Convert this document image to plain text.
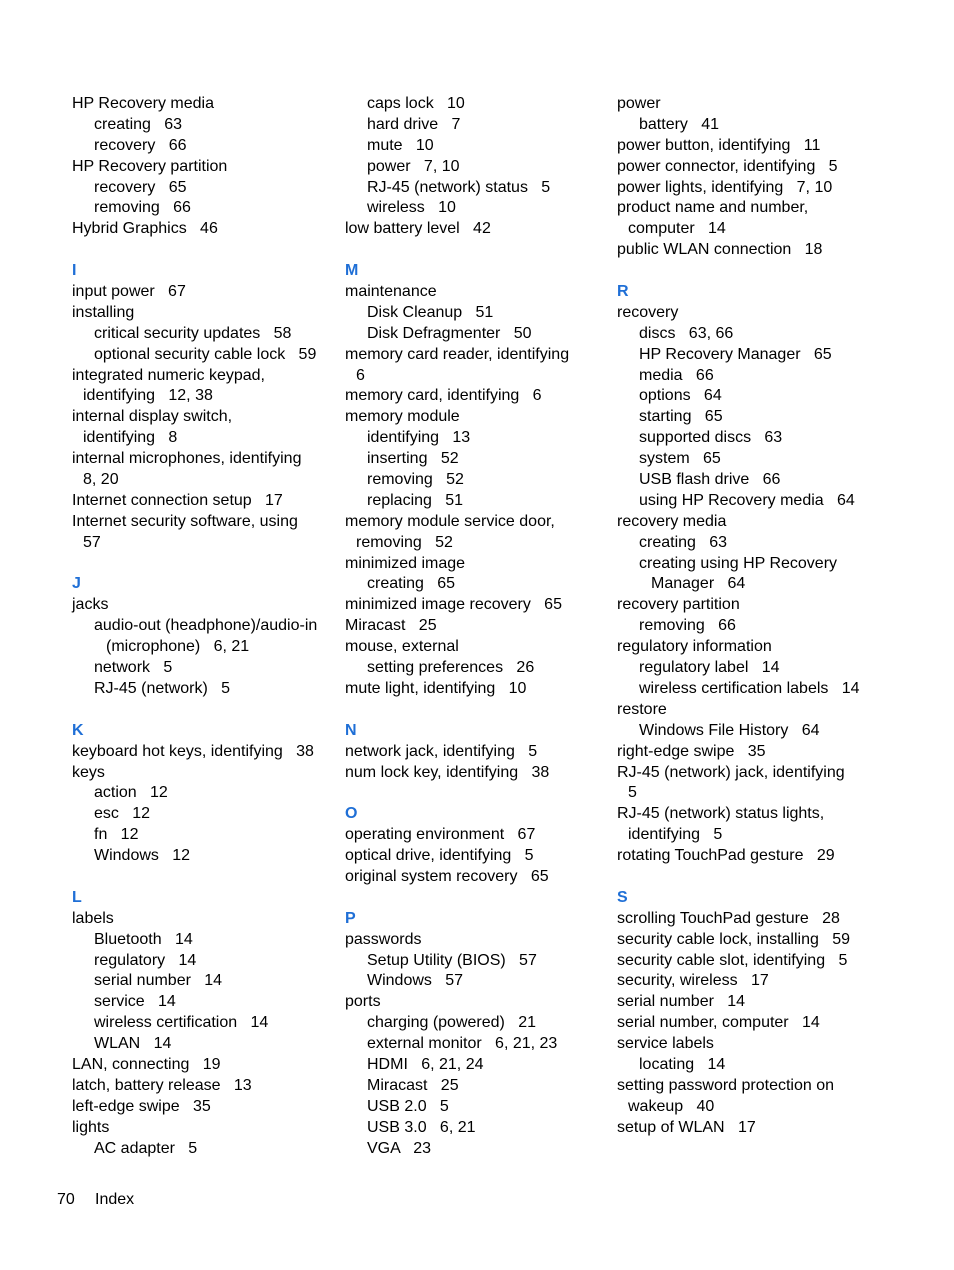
HP Recovery media
creating   63
recovery   66
HP Recovery partition
recovery   65
removing   66
Hybrid Graphics   46
I
input power   67
installing
critical security updates   58
optional security cable lock   59
integrated numeric keypad,
identifying   12, 38
internal display switch,
identifying   8
internal microphones, identifying
8, 20
Internet connection setup   17
Internet security software, using
57
J
jacks
audio-out (headphone)/audio-in
(microphone)   6, 21
network   5
RJ-45 (network)   5
K
keyboard hot keys, identifying   38
keys
action   12
esc   12
fn   12
Windows   12
L
labels
Bluetooth   14
regulatory   14
serial number   14
service   14
wireless certification   14
WLAN   14
LAN, connecting   19
latch, battery release   13
left-edge swipe   35
lights
AC adapter   5
caps lock   10
hard drive   7
mute   10
power   7, 10
RJ-45 (network) status   5
wireless   10
low battery level   42
M
maintenance
Disk Cleanup   51
Disk Defragmenter   50
memory card reader, identifying
6
memory card, identifying   6
memory module
identifying   13
inserting   52
removing   52
replacing   51
memory module service door,
removing   52
minimized image
creating   65
minimized image recovery   65
Miracast   25
mouse, external
setting preferences   26
mute light, identifying   10
N
network jack, identifying   5
num lock key, identifying   38
O
operating environment   67
optical drive, identifying   5
original system recovery   65
P
passwords
Setup Utility (BIOS)   57
Windows   57
ports
charging (powered)   21
external monitor   6, 21, 23
HDMI   6, 21, 24
Miracast   25
USB 2.0   5
USB 3.0   6, 21
VGA   23
power
battery   41
power button, identifying   11
power connector, identifying   5
power lights, identifying   7, 10
product name and number,
computer   14
public WLAN connection   18
R
recovery
discs   63, 66
HP Recovery Manager   65
media   66
options   64
starting   65
supported discs   63
system   65
USB flash drive   66
using HP Recovery media   64
recovery media
creating   63
creating using HP Recovery
Manager   64
recovery partition
removing   66
regulatory information
regulatory label   14
wireless certification labels   14
restore
Windows File History   64
right-edge swipe   35
RJ-45 (network) jack, identifying
5
RJ-45 (network) status lights,
identifying   5
rotating TouchPad gesture   29
S
scrolling TouchPad gesture   28
security cable lock, installing   59
security cable slot, identifying   5
security, wireless   17
serial number   14
serial number, computer   14
service labels
locating   14
setting password protection on
wakeup   40
setup of WLAN   17
70 Index
